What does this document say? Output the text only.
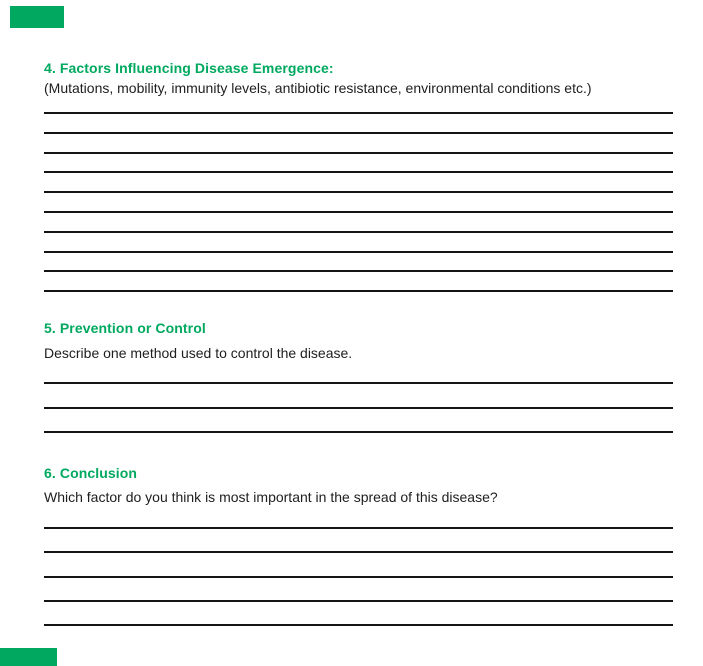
4. Factors Influencing Disease Emergence:

(Mutations, mobility, immunity levels, antibiotic resistance, environmental conditions etc.)

5. Prevention or Control

Describe one method used to control the disease.

6. Conclusion

Which factor do you think is most important in the spread of this disease?
